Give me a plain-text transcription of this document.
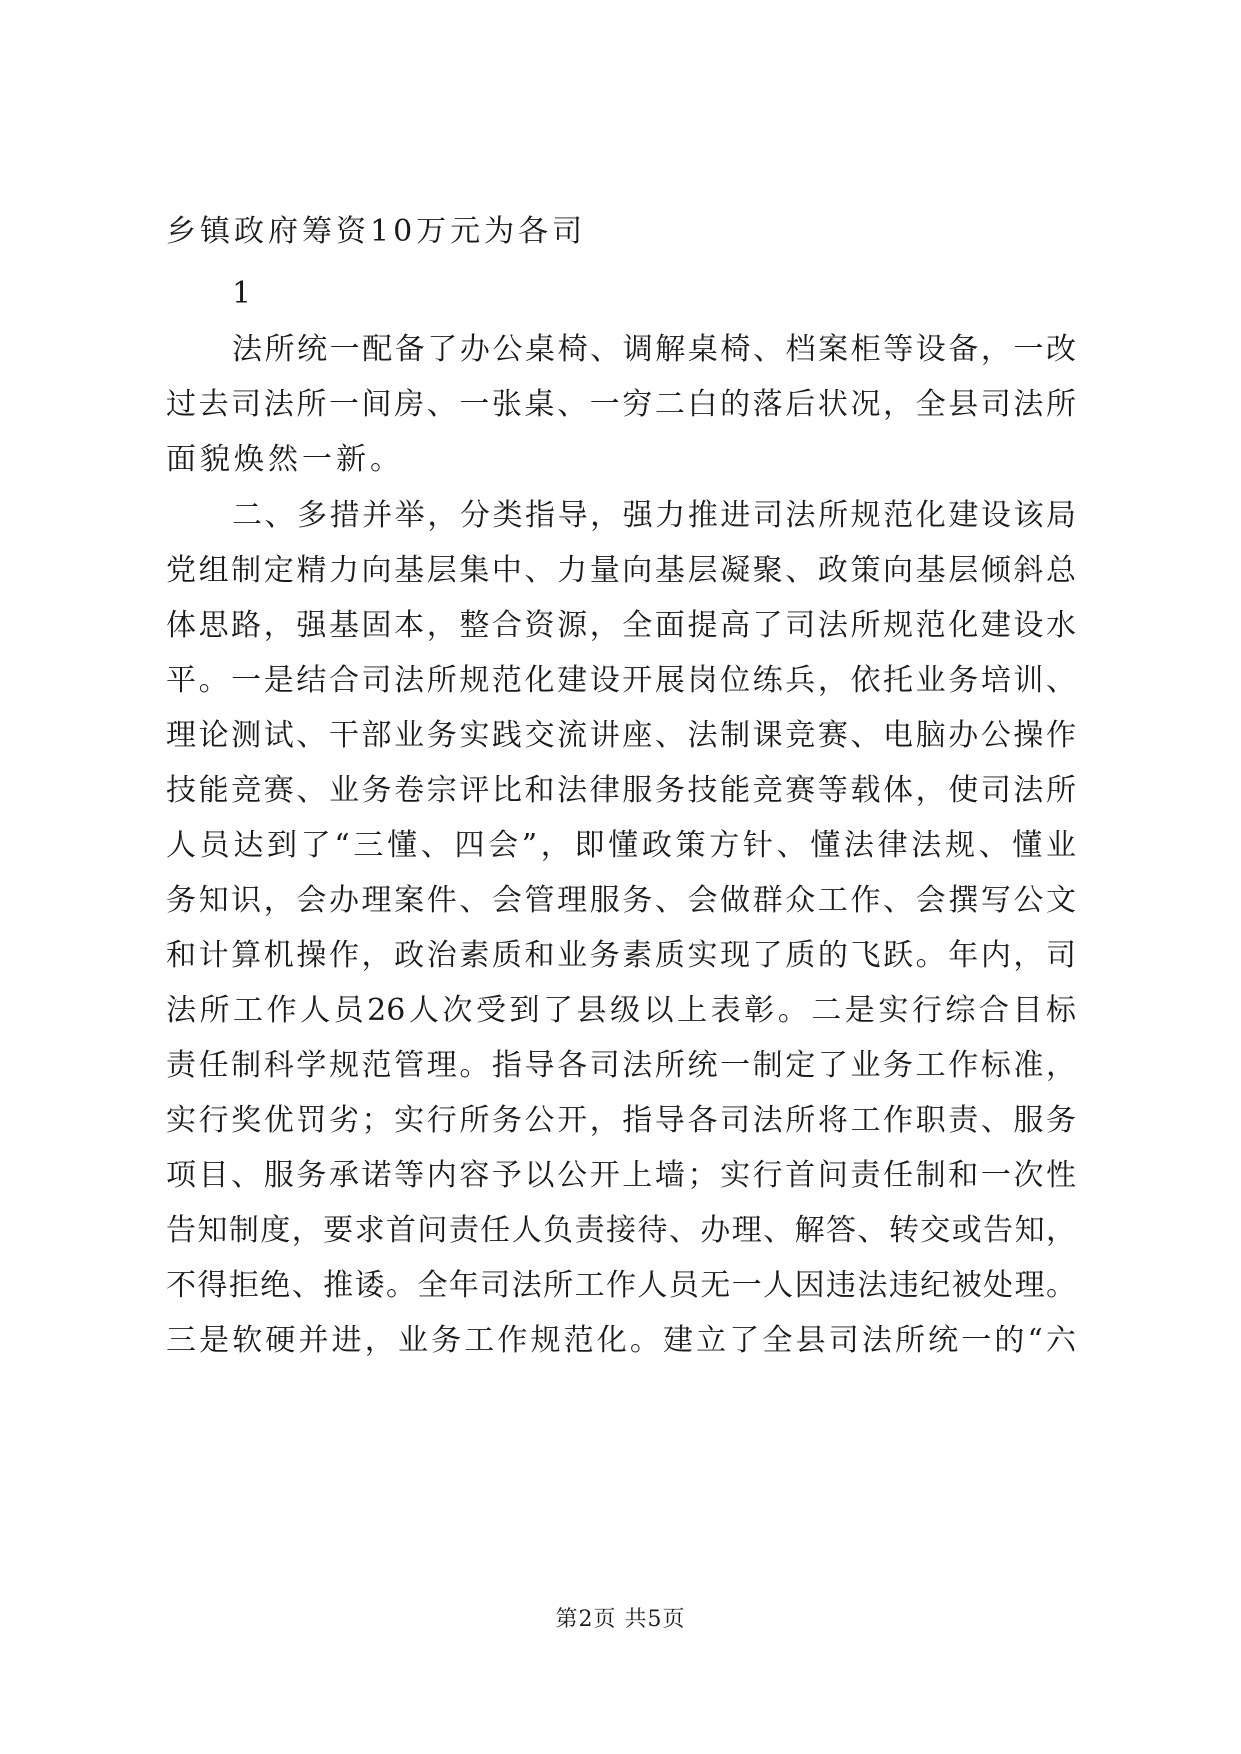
乡镇政府筹资10万元为各司
1
法所统一配备了办公桌椅、调解桌椅、档案柜等设备，一改
过去司法所一间房、一张桌、一穷二白的落后状况，全县司法所
面貌焕然一新。
二、多措并举，分类指导，强力推进司法所规范化建设该局
党组制定精力向基层集中、力量向基层凝聚、政策向基层倾斜总
体思路，强基固本，整合资源，全面提高了司法所规范化建设水
平。一是结合司法所规范化建设开展岗位练兵，依托业务培训、
理论测试、干部业务实践交流讲座、法制课竞赛、电脑办公操作
技能竞赛、业务卷宗评比和法律服务技能竞赛等载体，使司法所
人员达到了“三懂、四会”，即懂政策方针、懂法律法规、懂业
务知识，会办理案件、会管理服务、会做群众工作、会撰写公文
和计算机操作，政治素质和业务素质实现了质的飞跃。年内，司
法所工作人员26人次受到了县级以上表彰。二是实行综合目标
责任制科学规范管理。指导各司法所统一制定了业务工作标准，
实行奖优罚劣；实行所务公开，指导各司法所将工作职责、服务
项目、服务承诺等内容予以公开上墙；实行首问责任制和一次性
告知制度，要求首问责任人负责接待、办理、解答、转交或告知，
不得拒绝、推诿。全年司法所工作人员无一人因违法违纪被处理。
三是软硬并进，业务工作规范化。建立了全县司法所统一的“六
第2页 共5页
